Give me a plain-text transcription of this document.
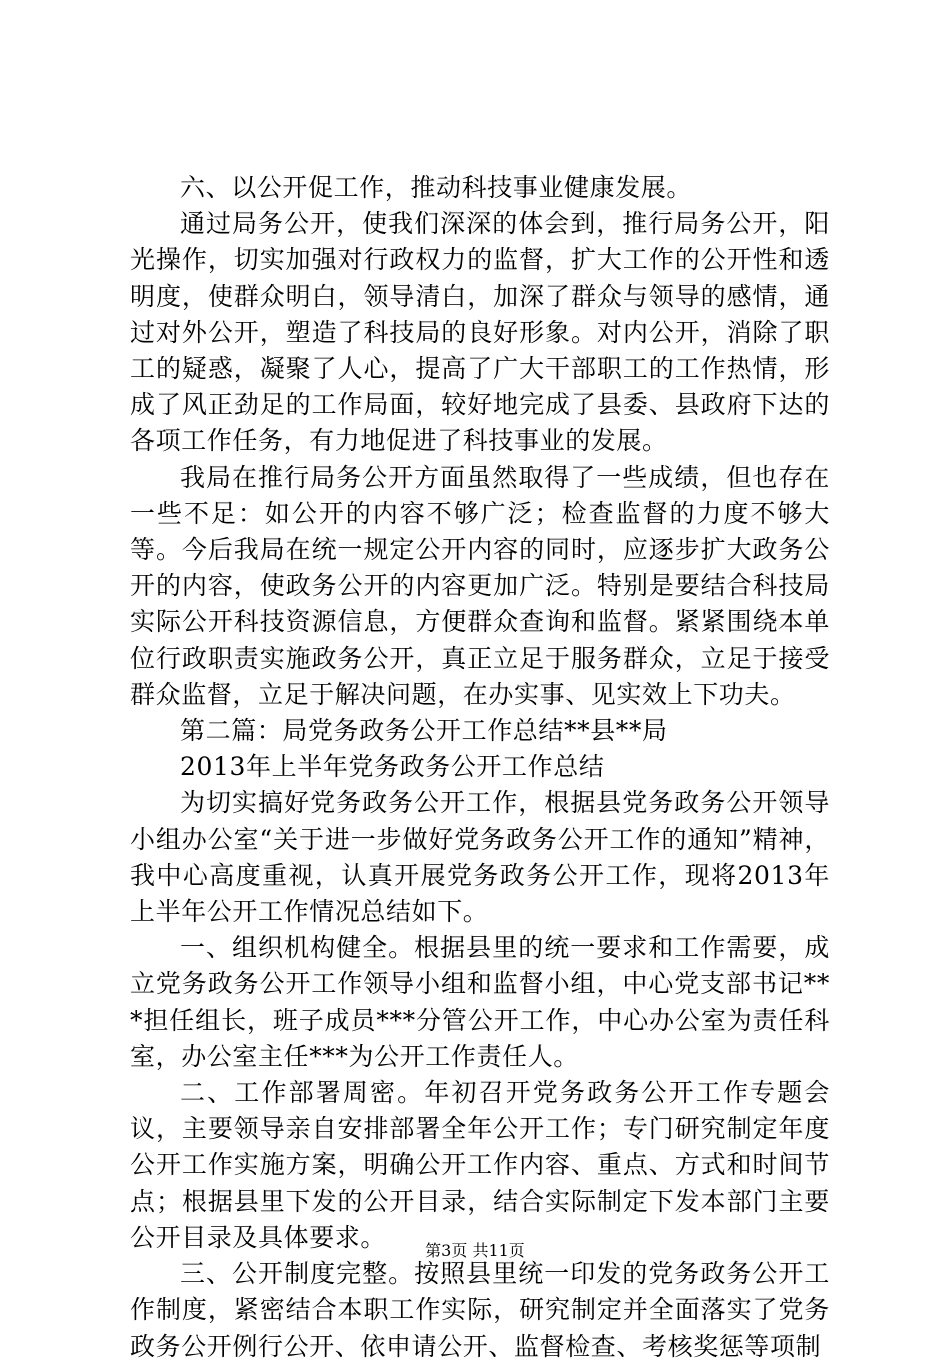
六、以公开促工作，推动科技事业健康发展。

通过局务公开，使我们深深的体会到，推行局务公开，阳光操作，切实加强对行政权力的监督，扩大工作的公开性和透明度，使群众明白，领导清白，加深了群众与领导的感情，通过对外公开，塑造了科技局的良好形象。对内公开，消除了职工的疑惑，凝聚了人心，提高了广大干部职工的工作热情，形成了风正劲足的工作局面，较好地完成了县委、县政府下达的各项工作任务，有力地促进了科技事业的发展。

我局在推行局务公开方面虽然取得了一些成绩，但也存在一些不足：如公开的内容不够广泛；检查监督的力度不够大等。今后我局在统一规定公开内容的同时，应逐步扩大政务公开的内容，使政务公开的内容更加广泛。特别是要结合科技局实际公开科技资源信息，方便群众查询和监督。紧紧围绕本单位行政职责实施政务公开，真正立足于服务群众，立足于接受群众监督，立足于解决问题，在办实事、见实效上下功夫。

第二篇：局党务政务公开工作总结**县**局

2013年上半年党务政务公开工作总结

为切实搞好党务政务公开工作，根据县党务政务公开领导小组办公室“关于进一步做好党务政务公开工作的通知”精神，我中心高度重视，认真开展党务政务公开工作，现将2013年上半年公开工作情况总结如下。

一、组织机构健全。根据县里的统一要求和工作需要，成立党务政务公开工作领导小组和监督小组，中心党支部书记***担任组长，班子成员***分管公开工作，中心办公室为责任科室，办公室主任***为公开工作责任人。

二、工作部署周密。年初召开党务政务公开工作专题会议，主要领导亲自安排部署全年公开工作；专门研究制定年度公开工作实施方案，明确公开工作内容、重点、方式和时间节点；根据县里下发的公开目录，结合实际制定下发本部门主要公开目录及具体要求。

三、公开制度完整。按照县里统一印发的党务政务公开工作制度，紧密结合本职工作实际，研究制定并全面落实了党务政务公开例行公开、依申请公开、监督检查、考核奖惩等项制

第3页 共11页
